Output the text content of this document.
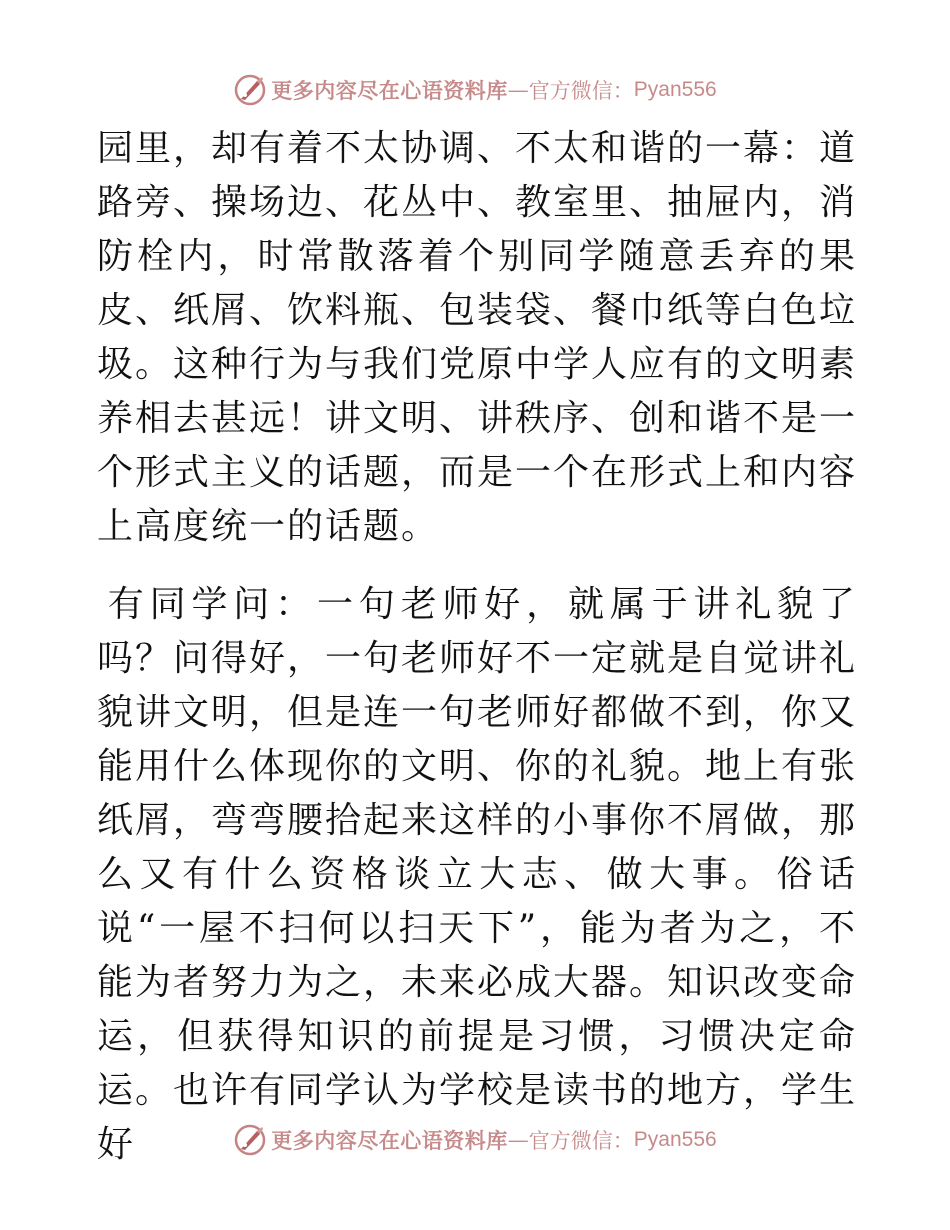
更多内容尽在心语资料库 — 官方微信： Pyan556

园里，却有着不太协调、不太和谐的一幕：道路旁、操场边、花丛中、教室里、抽屉内，消防栓内，时常散落着个别同学随意丢弃的果皮、纸屑、饮料瓶、包装袋、餐巾纸等白色垃圾。这种行为与我们党原中学人应有的文明素养相去甚远！讲文明、讲秩序、创和谐不是一个形式主义的话题，而是一个在形式上和内容上高度统一的话题。

有同学问：一句老师好，就属于讲礼貌了吗？问得好，一句老师好不一定就是自觉讲礼貌讲文明，但是连一句老师好都做不到，你又能用什么体现你的文明、你的礼貌。地上有张纸屑，弯弯腰拾起来这样的小事你不屑做，那么又有什么资格谈立大志、做大事。俗话说“一屋不扫何以扫天下”，能为者为之，不能为者努力为之，未来必成大器。知识改变命运，但获得知识的前提是习惯，习惯决定命运。也许有同学认为学校是读书的地方，学生好	更多内容尽在心语资料库 — 官方微信： Pyan556
